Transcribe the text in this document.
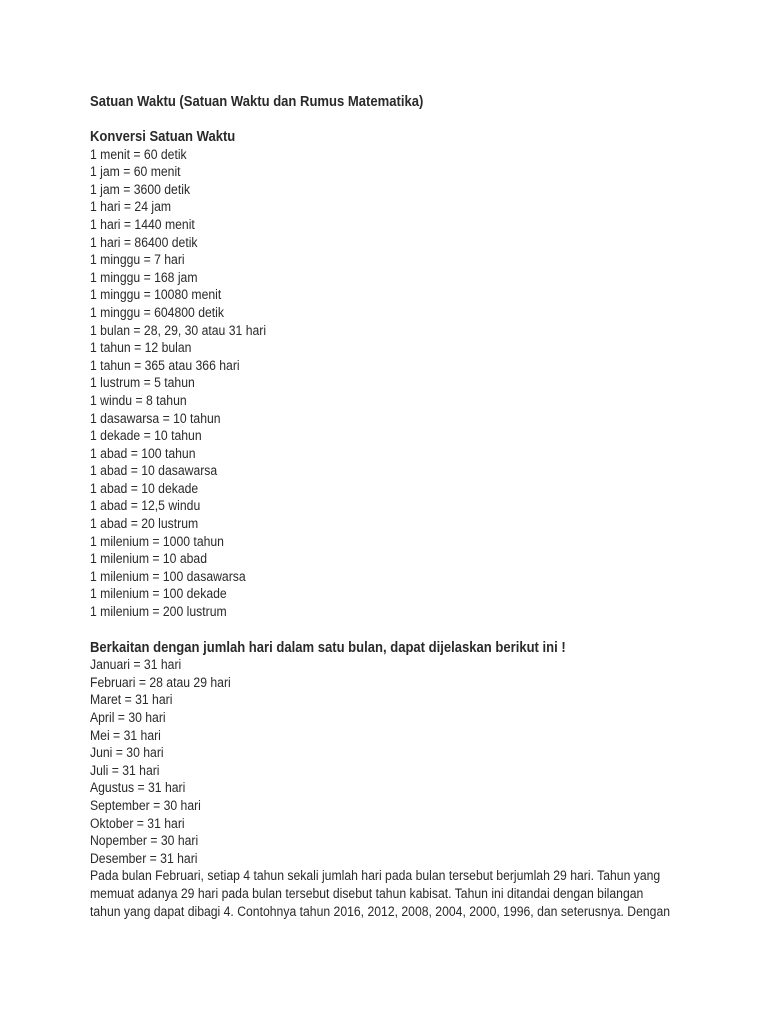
Satuan Waktu (Satuan Waktu dan Rumus Matematika)
Konversi Satuan Waktu
1 menit = 60 detik
1 jam = 60 menit
1 jam = 3600 detik
1 hari = 24 jam
1 hari = 1440 menit
1 hari = 86400 detik
1 minggu = 7 hari
1 minggu = 168 jam
1 minggu = 10080 menit
1 minggu = 604800 detik
1 bulan = 28, 29, 30 atau 31 hari
1 tahun = 12 bulan
1 tahun = 365 atau 366 hari
1 lustrum = 5 tahun
1 windu = 8 tahun
1 dasawarsa = 10 tahun
1 dekade = 10 tahun
1 abad = 100 tahun
1 abad = 10 dasawarsa
1 abad = 10 dekade
1 abad = 12,5 windu
1 abad = 20 lustrum
1 milenium = 1000 tahun
1 milenium = 10 abad
1 milenium = 100 dasawarsa
1 milenium = 100 dekade
1 milenium = 200 lustrum
Berkaitan dengan jumlah hari dalam satu bulan, dapat dijelaskan berikut ini !
Januari = 31 hari
Februari = 28 atau 29 hari
Maret = 31 hari
April = 30 hari
Mei = 31 hari
Juni = 30 hari
Juli = 31 hari
Agustus = 31 hari
September = 30 hari
Oktober = 31 hari
Nopember = 30 hari
Desember = 31 hari

Pada bulan Februari, setiap 4 tahun sekali jumlah hari pada bulan tersebut berjumlah 29 hari. Tahun yang
memuat adanya 29 hari pada bulan tersebut disebut tahun kabisat. Tahun ini ditandai dengan bilangan
tahun yang dapat dibagi 4. Contohnya tahun 2016, 2012, 2008, 2004, 2000, 1996, dan seterusnya. Dengan
